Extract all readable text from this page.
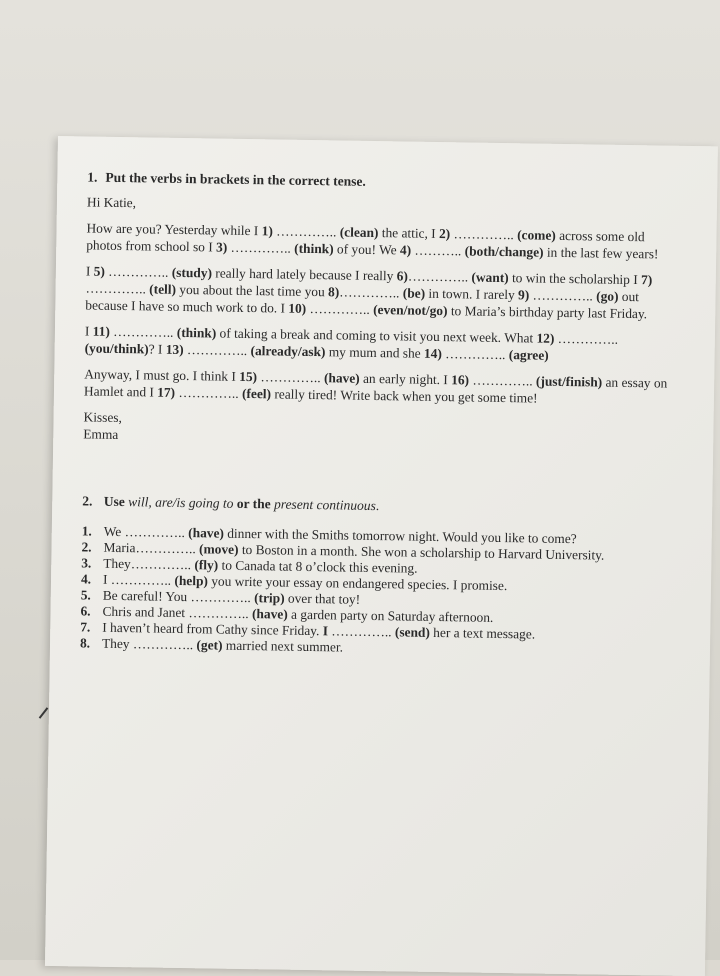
1. Put the verbs in brackets in the correct tense.

Hi Katie,

How are you? Yesterday while I 1) ………….. (clean) the attic, I 2) ………….. (come) across some old photos from school so I 3) ………….. (think) of you! We 4) ……….. (both/change) in the last few years!

I 5) ………….. (study) really hard lately because I really 6)………….. (want) to win the scholarship I 7) ………….. (tell) you about the last time you 8)………….. (be) in town. I rarely 9) ………….. (go) out because I have so much work to do. I 10) ………….. (even/not/go) to Maria’s birthday party last Friday.

I 11) ………….. (think) of taking a break and coming to visit you next week. What 12) ………….. (you/think)? I 13) ………….. (already/ask) my mum and she 14) ………….. (agree)

Anyway, I must go. I think I 15) ………….. (have) an early night. I 16) ………….. (just/finish) an essay on Hamlet and I 17) ………….. (feel) really tired! Write back when you get some time!

Kisses,

Emma

2. Use will, are/is going to or the present continuous.
1. We ………….. (have) dinner with the Smiths tomorrow night. Would you like to come?
2. Maria………….. (move) to Boston in a month. She won a scholarship to Harvard University.
3. They………….. (fly) to Canada tat 8 o’clock this evening.
4. I ………….. (help) you write your essay on endangered species. I promise.
5. Be careful! You ………….. (trip) over that toy!
6. Chris and Janet ………….. (have) a garden party on Saturday afternoon.
7. I haven’t heard from Cathy since Friday. I ………….. (send) her a text message.
8. They ………….. (get) married next summer.
